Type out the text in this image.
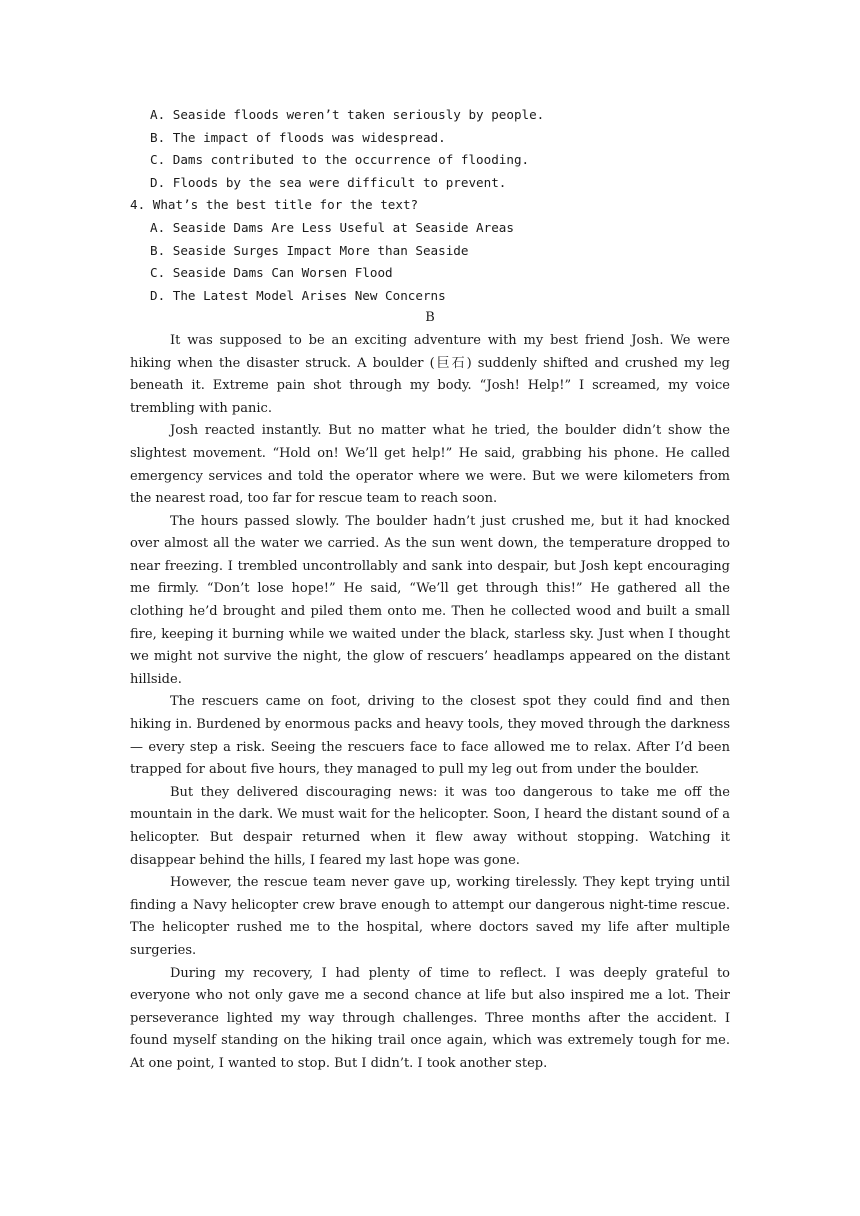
A. Seaside floods weren’t taken seriously by people.
B. The impact of floods was widespread.
C. Dams contributed to the occurrence of flooding.
D. Floods by the sea were difficult to prevent.
4. What’s the best title for the text?
A. Seaside Dams Are Less Useful at Seaside Areas
B. Seaside Surges Impact More than Seaside
C. Seaside Dams Can Worsen Flood
D. The Latest Model Arises New Concerns
B

It was supposed to be an exciting adventure with my best friend Josh. We were hiking when the disaster struck. A boulder (巨石) suddenly shifted and crushed my leg beneath it. Extreme pain shot through my body. “Josh! Help!” I screamed, my voice trembling with panic.

Josh reacted instantly. But no matter what he tried, the boulder didn’t show the slightest movement. “Hold on! We’ll get help!” He said, grabbing his phone. He called emergency services and told the operator where we were. But we were kilometers from the nearest road, too far for rescue team to reach soon.

The hours passed slowly. The boulder hadn’t just crushed me, but it had knocked over almost all the water we carried. As the sun went down, the temperature dropped to near freezing. I trembled uncontrollably and sank into despair, but Josh kept encouraging me firmly. “Don’t lose hope!” He said, “We’ll get through this!” He gathered all the clothing he’d brought and piled them onto me. Then he collected wood and built a small fire, keeping it burning while we waited under the black, starless sky. Just when I thought we might not survive the night, the glow of rescuers’ headlamps appeared on the distant hillside.

The rescuers came on foot, driving to the closest spot they could find and then hiking in. Burdened by enormous packs and heavy tools, they moved through the darkness — every step a risk. Seeing the rescuers face to face allowed me to relax. After I’d been trapped for about five hours, they managed to pull my leg out from under the boulder.

But they delivered discouraging news: it was too dangerous to take me off the mountain in the dark. We must wait for the helicopter. Soon, I heard the distant sound of a helicopter. But despair returned when it flew away without stopping. Watching it disappear behind the hills, I feared my last hope was gone.

However, the rescue team never gave up, working tirelessly. They kept trying until finding a Navy helicopter crew brave enough to attempt our dangerous night-time rescue. The helicopter rushed me to the hospital, where doctors saved my life after multiple surgeries.

During my recovery, I had plenty of time to reflect. I was deeply grateful to everyone who not only gave me a second chance at life but also inspired me a lot. Their perseverance lighted my way through challenges. Three months after the accident. I found myself standing on the hiking trail once again, which was extremely tough for me. At one point, I wanted to stop. But I didn’t. I took another step.
